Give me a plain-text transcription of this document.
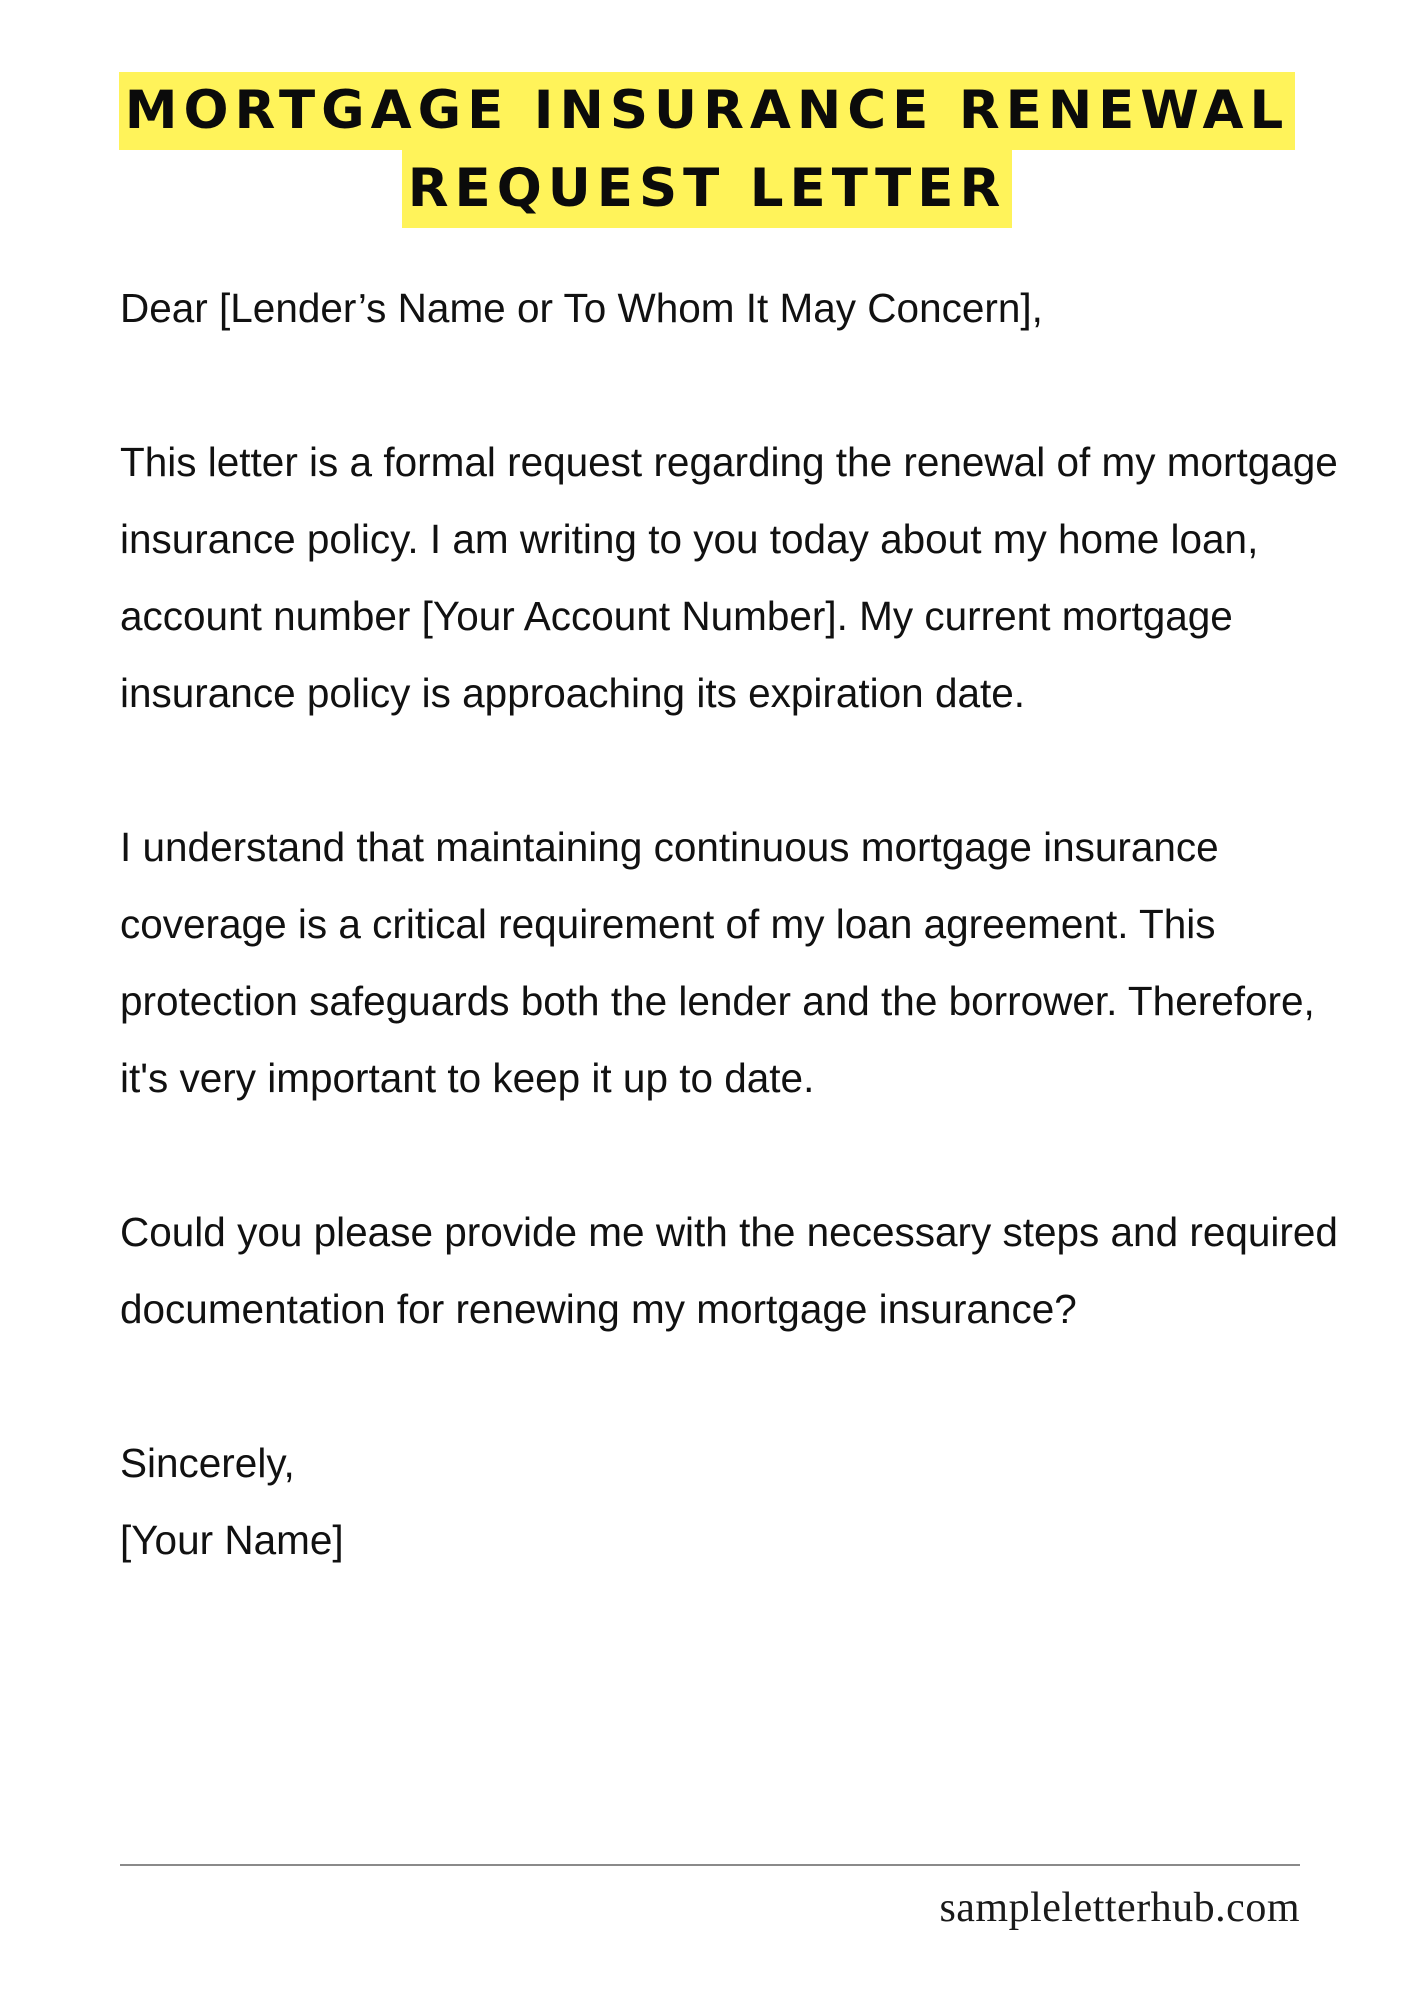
MORTGAGE INSURANCE RENEWAL
REQUEST LETTER

Dear [Lender’s Name or To Whom It May Concern],

This letter is a formal request regarding the renewal of my mortgage insurance policy. I am writing to you today about my home loan, account number [Your Account Number]. My current mortgage insurance policy is approaching its expiration date.

I understand that maintaining continuous mortgage insurance coverage is a critical requirement of my loan agreement. This protection safeguards both the lender and the borrower. Therefore, it's very important to keep it up to date.

Could you please provide me with the necessary steps and required documentation for renewing my mortgage insurance?

Sincerely,

[Your Name]

sampleletterhub.com
